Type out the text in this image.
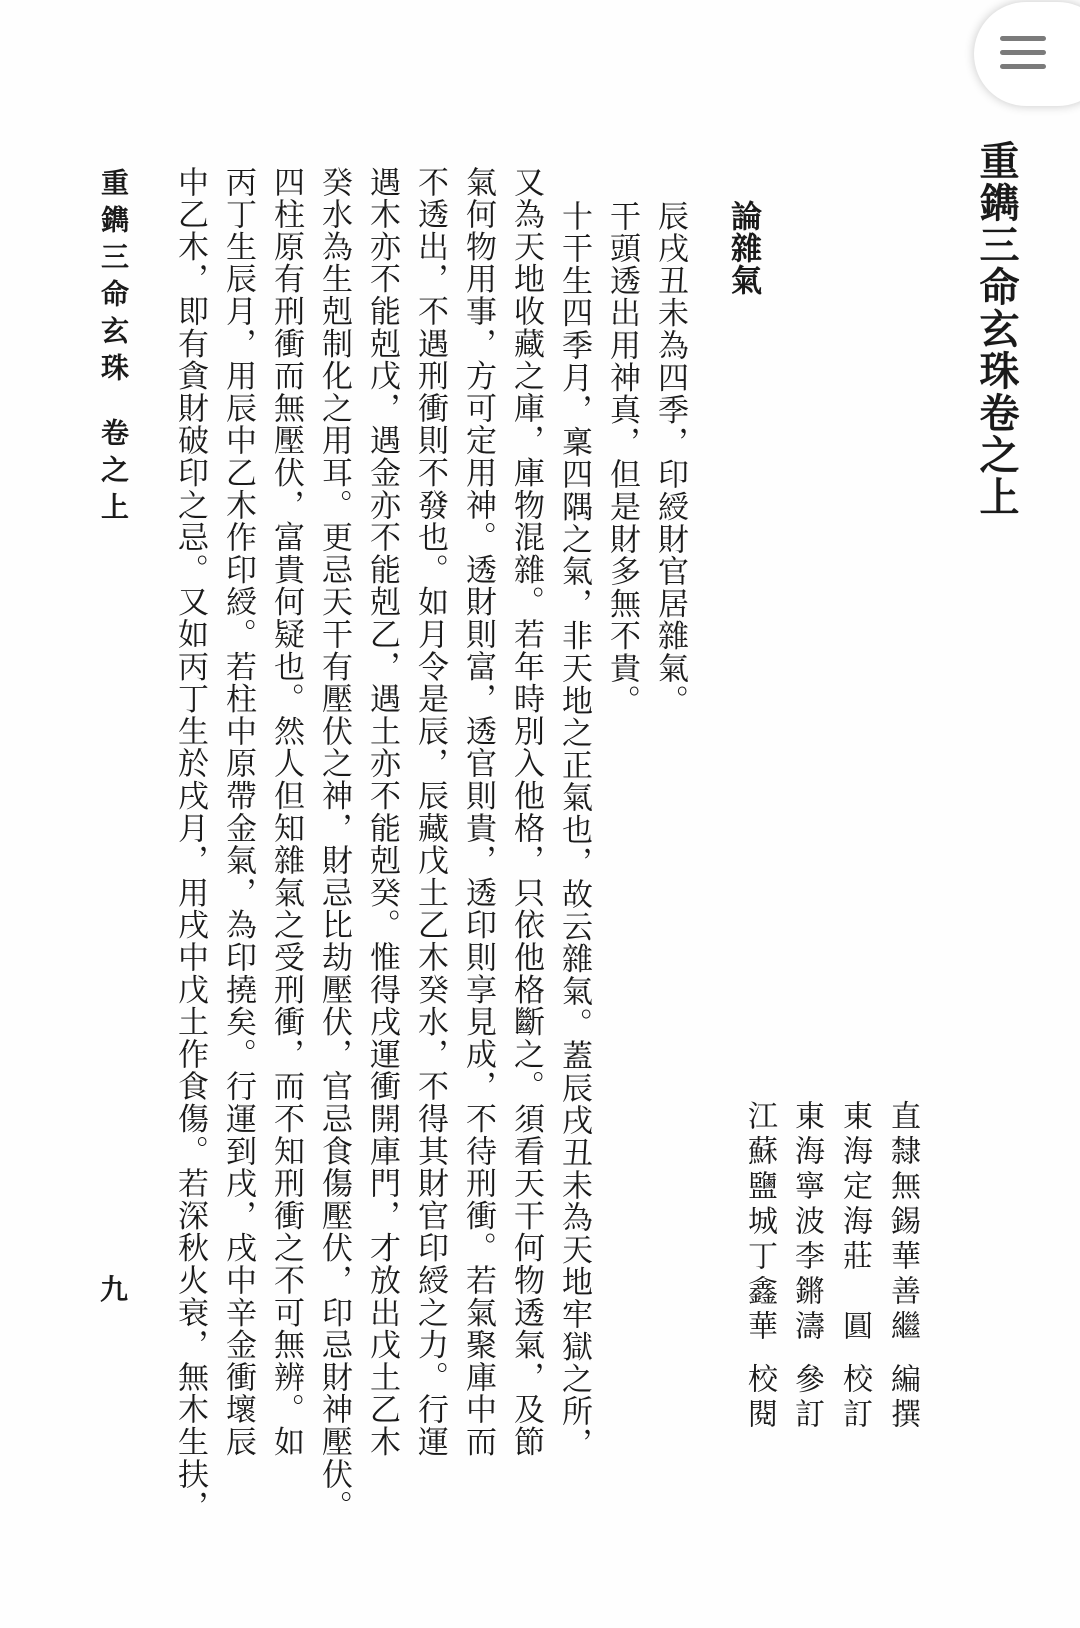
重鐫三命玄珠卷之上
直隸無錫華善繼編撰
東海定海莊　圓校訂
東海寧波李鏘濤參訂
江蘇鹽城丁鑫華校閱
論雜氣
辰戌丑未為四季，印綬財官居雜氣。
干頭透出用神真，但是財多無不貴。
十干生四季月，稟四隅之氣，非天地之正氣也，故云雜氣。蓋辰戌丑未為天地牢獄之所，
又為天地收藏之庫，庫物混雜。若年時別入他格，只依他格斷之。須看天干何物透氣，及節
氣何物用事，方可定用神。透財則富，透官則貴，透印則享見成，不待刑衝。若氣聚庫中而
不透出，不遇刑衝則不發也。如月令是辰，辰藏戊土乙木癸水，不得其財官印綬之力。行運
遇木亦不能剋戊，遇金亦不能剋乙，遇土亦不能剋癸。惟得戌運衝開庫門，才放出戊土乙木
癸水為生剋制化之用耳。更忌天干有壓伏之神，財忌比劫壓伏，官忌食傷壓伏，印忌財神壓伏。
四柱原有刑衝而無壓伏，富貴何疑也。然人但知雜氣之受刑衝，而不知刑衝之不可無辨。如
丙丁生辰月，用辰中乙木作印綬。若柱中原帶金氣，為印撓矣。行運到戌，戌中辛金衝壞辰
中乙木，即有貪財破印之忌。又如丙丁生於戌月，用戌中戊土作食傷。若深秋火衰，無木生扶，
重鐫三命玄珠卷之上
九
